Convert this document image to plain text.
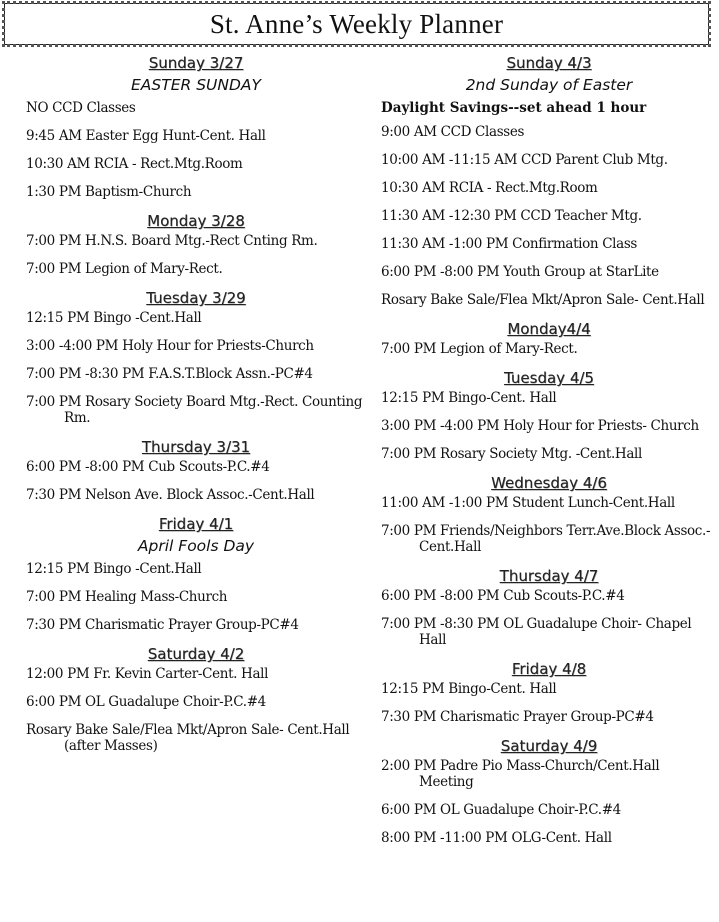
St. Anne’s Weekly Planner
Sunday 3/27
EASTER SUNDAY
NO CCD Classes
9:45 AM Easter Egg Hunt-Cent. Hall
10:30 AM RCIA - Rect.Mtg.Room
1:30 PM Baptism-Church
Monday 3/28
7:00 PM H.N.S. Board Mtg.-Rect Cnting Rm.
7:00 PM Legion of Mary-Rect.
Tuesday 3/29
12:15 PM Bingo -Cent.Hall
3:00 -4:00 PM Holy Hour for Priests-Church
7:00 PM -8:30 PM F.A.S.T.Block Assn.-PC#4
7:00 PM Rosary Society Board Mtg.-Rect. Counting Rm.
Thursday 3/31
6:00 PM -8:00 PM Cub Scouts-P.C.#4
7:30 PM Nelson Ave. Block Assoc.-Cent.Hall
Friday 4/1
April Fools Day
12:15 PM Bingo -Cent.Hall
7:00 PM Healing Mass-Church
7:30 PM Charismatic Prayer Group-PC#4
Saturday 4/2
12:00 PM Fr. Kevin Carter-Cent. Hall
6:00 PM OL Guadalupe Choir-P.C.#4
Rosary Bake Sale/Flea Mkt/Apron Sale- Cent.Hall (after Masses)
Sunday 4/3
2nd Sunday of Easter
Daylight Savings--set ahead 1 hour
9:00 AM CCD Classes
10:00 AM -11:15 AM CCD Parent Club Mtg.
10:30 AM RCIA - Rect.Mtg.Room
11:30 AM -12:30 PM CCD Teacher Mtg.
11:30 AM -1:00 PM Confirmation Class
6:00 PM -8:00 PM Youth Group at StarLite
Rosary Bake Sale/Flea Mkt/Apron Sale- Cent.Hall
Monday4/4
7:00 PM Legion of Mary-Rect.
Tuesday 4/5
12:15 PM Bingo-Cent. Hall
3:00 PM -4:00 PM Holy Hour for Priests- Church
7:00 PM Rosary Society Mtg. -Cent.Hall
Wednesday 4/6
11:00 AM -1:00 PM Student Lunch-Cent.Hall
7:00 PM Friends/Neighbors Terr.Ave.Block Assoc.-Cent.Hall
Thursday 4/7
6:00 PM -8:00 PM Cub Scouts-P.C.#4
7:00 PM -8:30 PM OL Guadalupe Choir- Chapel Hall
Friday 4/8
12:15 PM Bingo-Cent. Hall
7:30 PM Charismatic Prayer Group-PC#4
Saturday 4/9
2:00 PM Padre Pio Mass-Church/Cent.Hall Meeting
6:00 PM OL Guadalupe Choir-P.C.#4
8:00 PM -11:00 PM OLG-Cent. Hall
